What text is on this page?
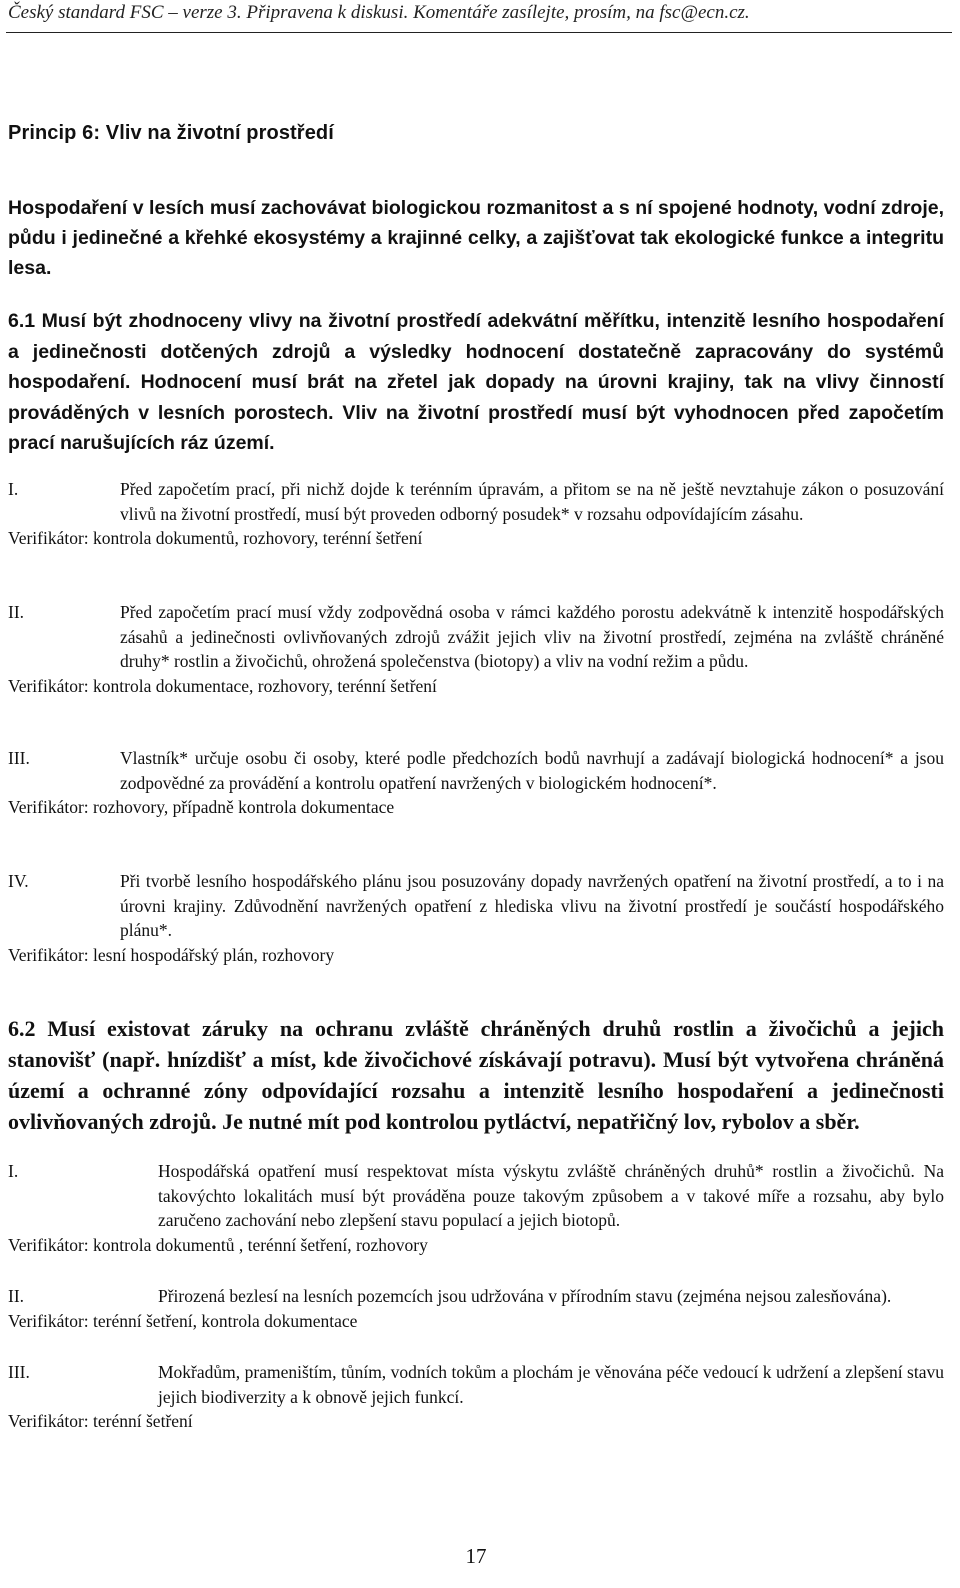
Český standard FSC – verze 3. Připravena k diskusi. Komentáře zasílejte, prosím, na fsc@ecn.cz.
Princip 6: Vliv na životní prostředí
Hospodaření v lesích musí zachovávat biologickou rozmanitost a s ní spojené hodnoty, vodní zdroje, půdu i jedinečné a křehké ekosystémy a krajinné celky, a zajišťovat tak ekologické funkce a integritu lesa.
6.1 Musí být zhodnoceny vlivy na životní prostředí adekvátní měřítku, intenzitě lesního hospodaření a jedinečnosti dotčených zdrojů a výsledky hodnocení dostatečně zapracovány do systémů hospodaření. Hodnocení musí brát na zřetel jak dopady na úrovni krajiny, tak na vlivy činností prováděných v lesních porostech. Vliv na životní prostředí musí být vyhodnocen před započetím prací narušujících ráz území.
I.	Před započetím prací, při nichž dojde k terénním úpravám, a přitom se na ně ještě nevztahuje zákon o posuzování vlivů na životní prostředí, musí být proveden odborný posudek* v rozsahu odpovídajícím zásahu.
Verifikátor: kontrola dokumentů, rozhovory, terénní šetření
II.	Před započetím prací musí vždy zodpovědná osoba v rámci každého porostu adekvátně k intenzitě hospodářských zásahů a jedinečnosti ovlivňovaných zdrojů zvážit jejich vliv na životní prostředí, zejména na zvláště chráněné druhy* rostlin a živočichů, ohrožená společenstva (biotopy) a vliv na vodní režim a půdu.
Verifikátor: kontrola dokumentace, rozhovory, terénní šetření
III.	Vlastník* určuje osobu či osoby, které podle předchozích bodů navrhují a zadávají biologická hodnocení* a jsou zodpovědné za provádění a kontrolu opatření navržených v biologickém hodnocení*.
Verifikátor: rozhovory, případně kontrola dokumentace
IV.	Při tvorbě lesního hospodářského plánu jsou posuzovány dopady navržených opatření na životní prostředí, a to i na úrovni krajiny. Zdůvodnění navržených opatření z hlediska vlivu na životní prostředí je součástí hospodářského plánu*.
Verifikátor: lesní hospodářský plán, rozhovory
6.2 Musí existovat záruky na ochranu zvláště chráněných druhů rostlin a živočichů a jejich stanovišť (např. hnízdišť a míst, kde živočichové získávají potravu). Musí být vytvořena chráněná území a ochranné zóny odpovídající rozsahu a intenzitě lesního hospodaření a jedinečnosti ovlivňovaných zdrojů. Je nutné mít pod kontrolou pytláctví, nepatřičný lov, rybolov a sběr.
I.	Hospodářská opatření musí respektovat místa výskytu zvláště chráněných druhů* rostlin a živočichů. Na takovýchto lokalitách musí být prováděna pouze takovým způsobem a v takové míře a rozsahu, aby bylo zaručeno zachování nebo zlepšení stavu populací a jejich biotopů.
Verifikátor: kontrola dokumentů , terénní šetření, rozhovory
II.	Přirozená bezlesí na lesních pozemcích jsou udržována v přírodním stavu (zejména nejsou zalesňována).
Verifikátor: terénní šetření, kontrola dokumentace
III.	Mokřadům, prameništím, tůním, vodních tokům a plochám je věnována péče vedoucí k udržení a zlepšení stavu jejich biodiverzity a k obnově jejich funkcí.
Verifikátor: terénní šetření
17
